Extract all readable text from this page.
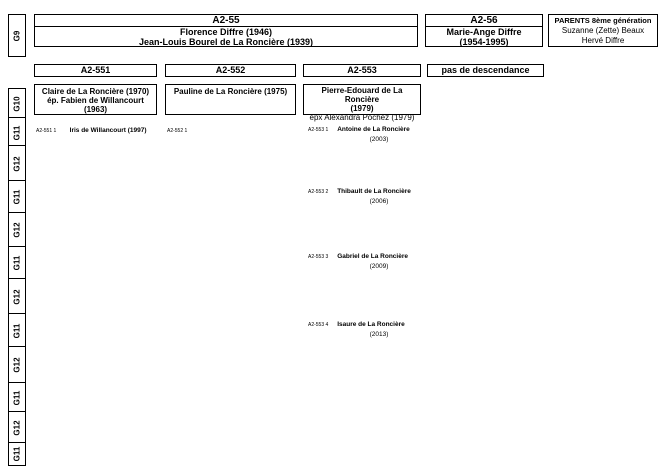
G9
G10
G11
G12
G11
G12
G11
G12
G11
G12
G11
G12
G11
A2-55
Florence Diffre (1946)
Jean-Louis Bourel de La Roncière (1939)
A2-56
Marie-Ange Diffre
(1954-1995)
PARENTS 8ème génération
Suzanne (Zette) Beaux
Hervé Diffre
A2-551	A2-552	A2-553	pas de descendance
Claire de La Roncière (1970)
ép. Fabien de Willancourt (1963)
Pauline de La Roncière (1975)	Pierre-Edouard de La Roncière
(1979)
épx Alexandra Pochez (1979)
A2-551 1 Iris de Willancourt (1997)	A2-552 1	A2-553 1 Antoine de La Roncière
(2003)
A2-553 2 Thibault de La Roncière
(2006)
A2-553 3 Gabriel de La Roncière
(2009)
A2-553 4 Isaure de La Roncière
(2013)
